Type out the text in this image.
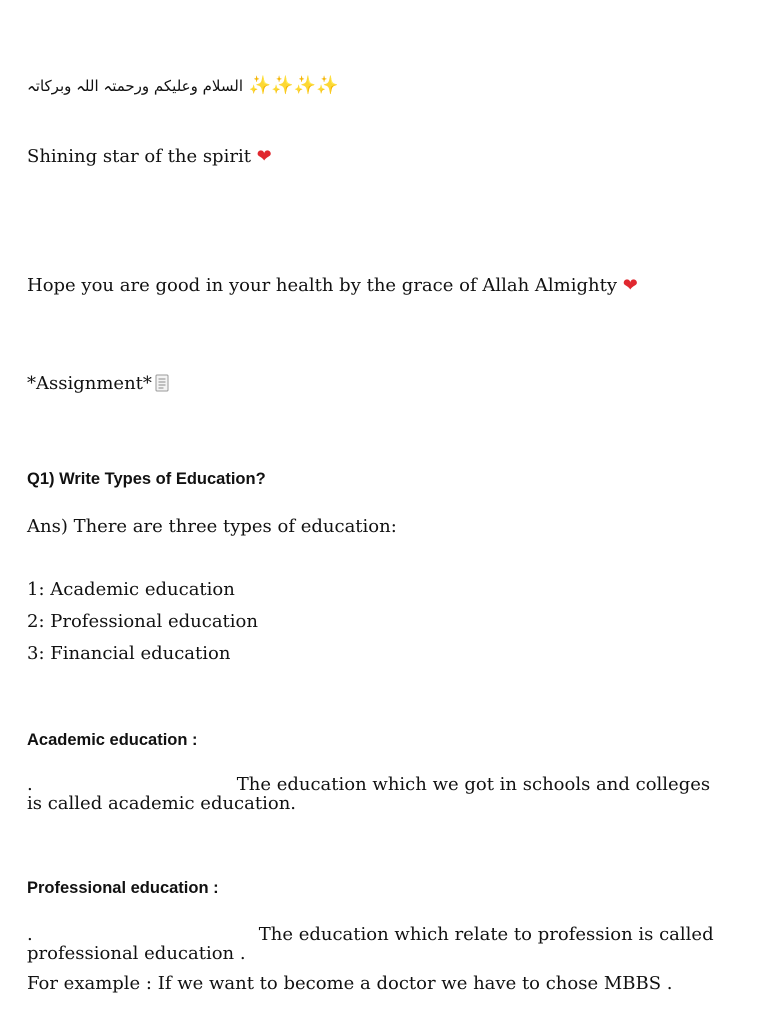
السلام وعليكم ورحمتہ اللہ وبرکاتہ ✨✨✨✨
Shining star of the spirit ❤
Hope you are good in your health by the grace of Allah Almighty ❤
*Assignment*
Q1) Write Types of Education?
Ans) There are three types of education:
1: Academic education
2: Professional education
3: Financial education
Academic education :
.	The education which we got in schools and colleges is called academic education.
Professional education :
.	The education which relate to profession is called professional education .
For example : If we want to become a doctor we have to chose MBBS .
